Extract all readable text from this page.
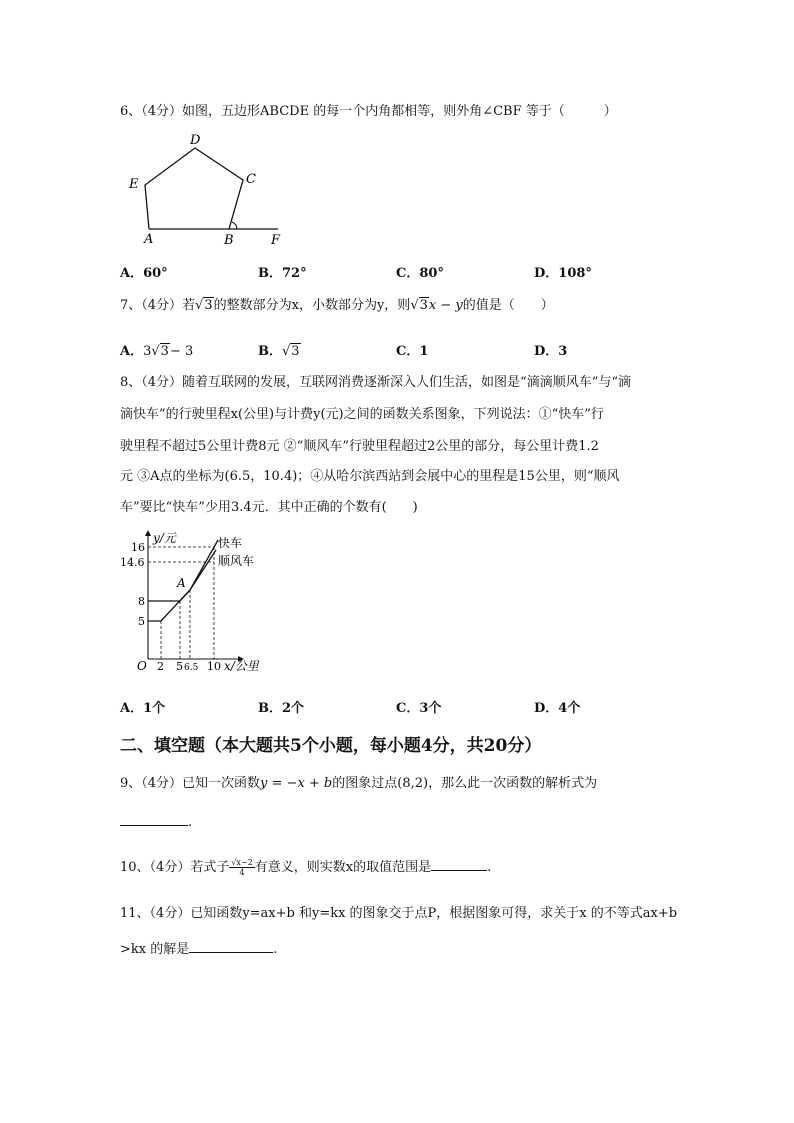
6、（4分）如图，五边形ABCDE 的每一个内角都相等，则外角∠CBF 等于（　　　）
D
C
E
A	B	F
A．60°	B．72°	C．80°	D．108°
7、（4分）若√3的整数部分为x，小数部分为y，则√3x − y的值是（　　）
A．3√3− 3	B．√3	C．1	D．3
8、（4分）随着互联网的发展，互联网消费逐渐深入人们生活，如图是“滴滴顺风车”与“滴
滴快车”的行驶里程x(公里)与计费y(元)之间的函数关系图象，下列说法：①“快车”行
驶里程不超过5公里计费8元 ②“顺风车”行驶里程超过2公里的部分，每公里计费1.2
元 ③A点的坐标为(6.5，10.4)；④从哈尔滨西站到会展中心的里程是15公里，则“顺风
车”要比“快车”少用3.4元．其中正确的个数有(　　)
y/元
16
14.6
8
5
O 2 5 6.5 10 x/公里
A
快车
顺风车
A．1个	B．2个	C．3个	D．4个
二、填空题（本大题共5个小题，每小题4分，共20分）
9、（4分）已知一次函数y = −x + b的图象过点(8,2)，那么此一次函数的解析式为
.
10、（4分）若式子 $\frac{√x-2}{4}$有意义，则实数x的取值范围是	.
11、（4分）已知函数y=ax+b 和y=kx 的图象交于点P，根据图象可得，求关于x 的不等式ax+b
>kx 的解是	.
